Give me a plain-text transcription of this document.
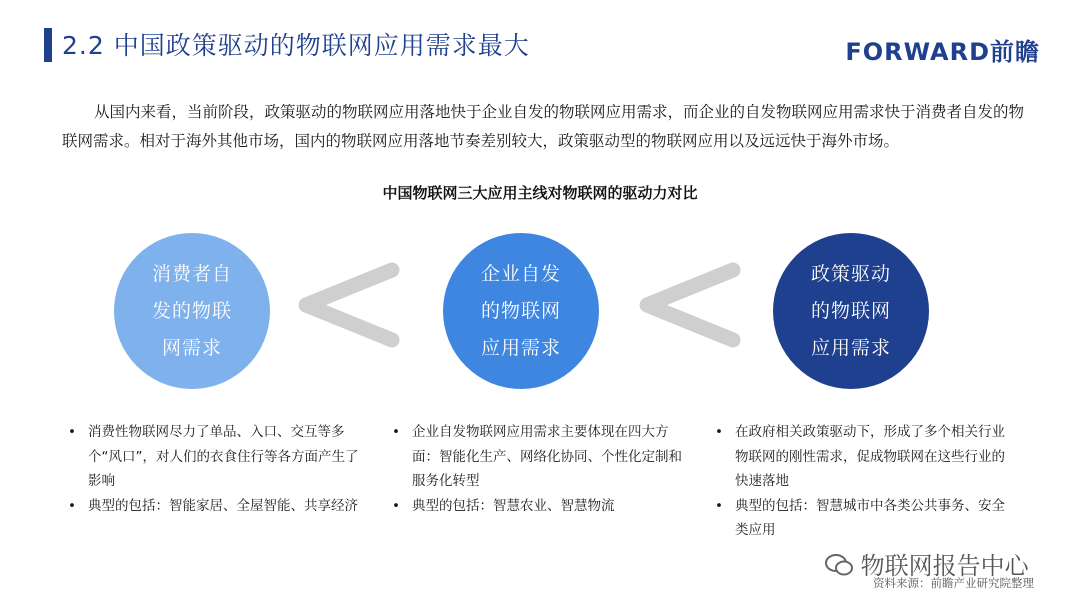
2.2 中国政策驱动的物联网应用需求最大	FORWARD前瞻
从国内来看，当前阶段，政策驱动的物联网应用落地快于企业自发的物联网应用需求，而企业的自发物联网应用需求快于消费者自发的物联网需求。相对于海外其他市场，国内的物联网应用落地节奏差别较大，政策驱动型的物联网应用以及远远快于海外市场。
中国物联网三大应用主线对物联网的驱动力对比
消费者自发的物联网需求
企业自发的物联网应用需求
政策驱动的物联网应用需求
• 消费性物联网尽力了单品、入口、交互等多个“风口”，对人们的衣食住行等各方面产生了影响
• 典型的包括：智能家居、全屋智能、共享经济
• 企业自发物联网应用需求主要体现在四大方面：智能化生产、网络化协同、个性化定制和服务化转型
• 典型的包括：智慧农业、智慧物流
• 在政府相关政策驱动下，形成了多个相关行业物联网的刚性需求，促成物联网在这些行业的快速落地
• 典型的包括：智慧城市中各类公共事务、安全类应用
物联网报告中心
资料来源：前瞻产业研究院整理
